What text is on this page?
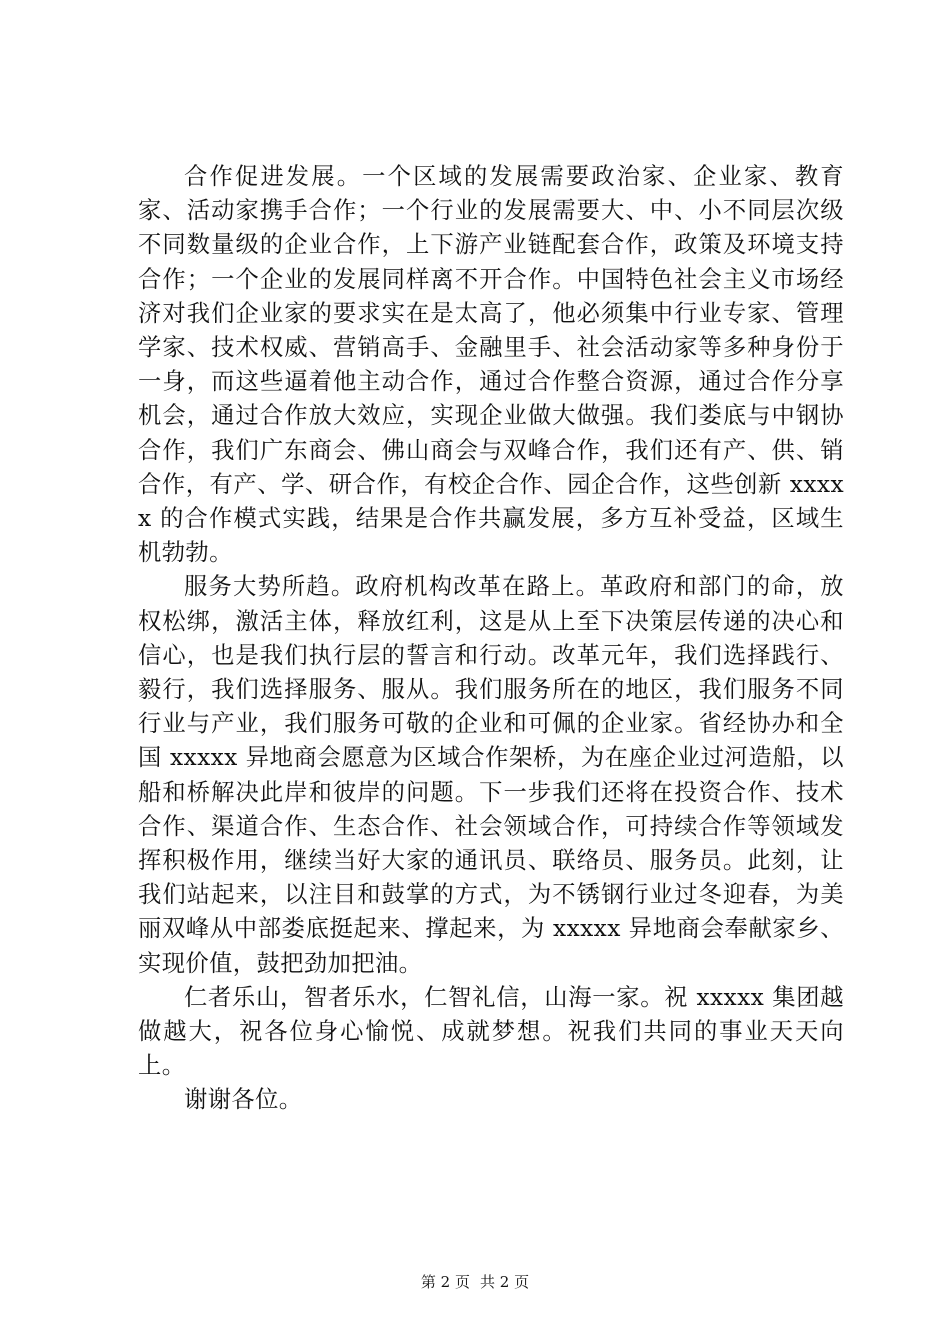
合作促进发展。一个区域的发展需要政治家、企业家、教育家、活动家携手合作；一个行业的发展需要大、中、小不同层次级不同数量级的企业合作，上下游产业链配套合作，政策及环境支持合作；一个企业的发展同样离不开合作。中国特色社会主义市场经济对我们企业家的要求实在是太高了，他必须集中行业专家、管理学家、技术权威、营销高手、金融里手、社会活动家等多种身份于一身，而这些逼着他主动合作，通过合作整合资源，通过合作分享机会，通过合作放大效应，实现企业做大做强。我们娄底与中钢协合作，我们广东商会、佛山商会与双峰合作，我们还有产、供、销合作，有产、学、研合作，有校企合作、园企合作，这些创新 xxxxx 的合作模式实践，结果是合作共赢发展，多方互补受益，区域生机勃勃。

服务大势所趋。政府机构改革在路上。革政府和部门的命，放权松绑，激活主体，释放红利，这是从上至下决策层传递的决心和信心，也是我们执行层的誓言和行动。改革元年，我们选择践行、毅行，我们选择服务、服从。我们服务所在的地区，我们服务不同行业与产业，我们服务可敬的企业和可佩的企业家。省经协办和全国 xxxxx 异地商会愿意为区域合作架桥，为在座企业过河造船，以船和桥解决此岸和彼岸的问题。下一步我们还将在投资合作、技术合作、渠道合作、生态合作、社会领域合作，可持续合作等领域发挥积极作用，继续当好大家的通讯员、联络员、服务员。此刻，让我们站起来，以注目和鼓掌的方式，为不锈钢行业过冬迎春，为美丽双峰从中部娄底挺起来、撑起来，为 xxxxx 异地商会奉献家乡、实现价值，鼓把劲加把油。

仁者乐山，智者乐水，仁智礼信，山海一家。祝 xxxxx 集团越做越大，祝各位身心愉悦、成就梦想。祝我们共同的事业天天向上。

谢谢各位。

第 2 页 共 2 页
